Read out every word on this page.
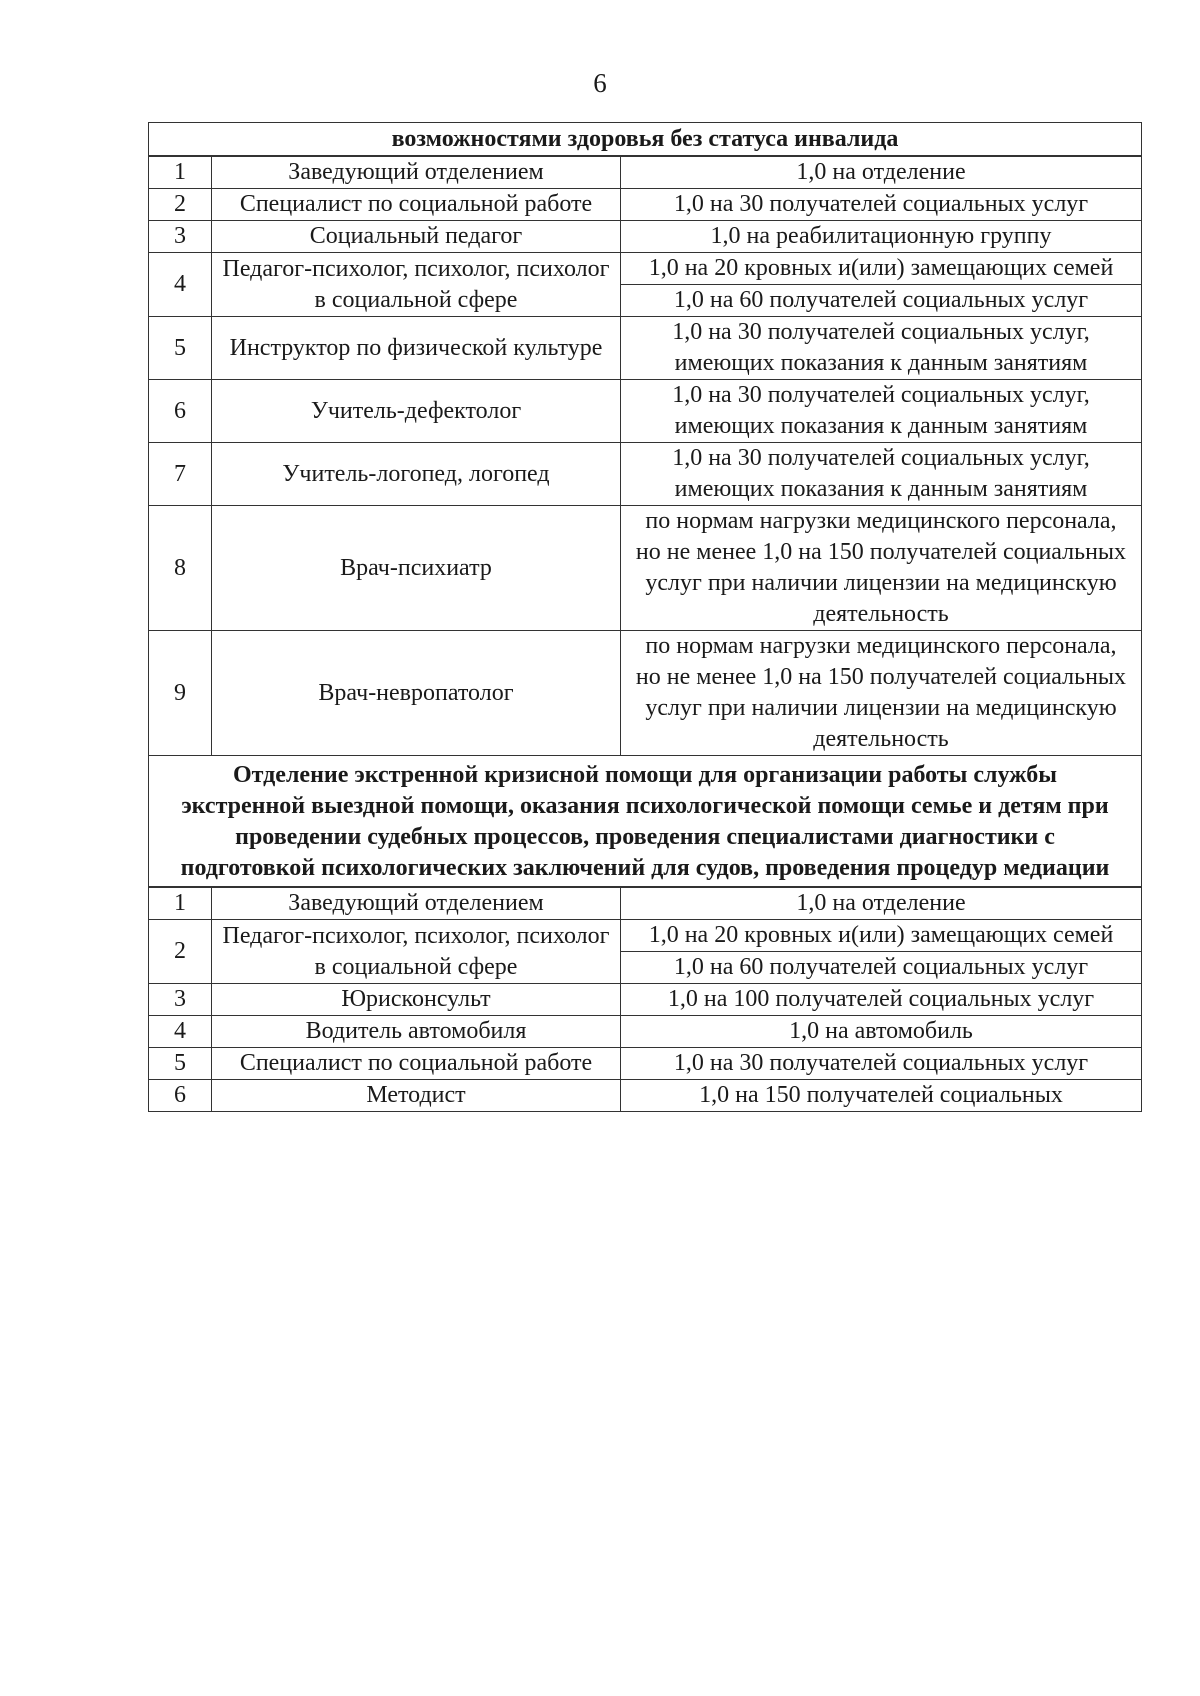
6
возможностями здоровья без статуса инвалида
1	Заведующий отделением	1,0 на отделение

2	Специалист по социальной работе	1,0 на 30 получателей социальных услуг

3	Социальный педагог	1,0 на реабилитационную группу

4	Педагог-психолог, психолог, психолог в социальной сфере	1,0 на 20 кровных и(или) замещающих семей
1,0 на 60 получателей социальных услуг

5	Инструктор по физической культуре	1,0 на 30 получателей социальных услуг, имеющих показания к данным занятиям

6	Учитель-дефектолог	1,0 на 30 получателей социальных услуг, имеющих показания к данным занятиям

7	Учитель-логопед, логопед	1,0 на 30 получателей социальных услуг, имеющих показания к данным занятиям

8	Врач-психиатр	по нормам нагрузки медицинского персонала, но не менее 1,0 на 150 получателей социальных услуг при наличии лицензии на медицинскую деятельность

9	Врач-невропатолог	по нормам нагрузки медицинского персонала, но не менее 1,0 на 150 получателей социальных услуг при наличии лицензии на медицинскую деятельность
Отделение экстренной кризисной помощи для организации работы службы экстренной выездной помощи, оказания психологической помощи семье и детям при проведении судебных процессов, проведения специалистами диагностики с подготовкой психологических заключений для судов, проведения процедур медиации
1	Заведующий отделением	1,0 на отделение

2	Педагог-психолог, психолог, психолог в социальной сфере	1,0 на 20 кровных и(или) замещающих семей
1,0 на 60 получателей социальных услуг

3	Юрисконсульт	1,0 на 100 получателей социальных услуг

4	Водитель автомобиля	1,0 на автомобиль

5	Специалист по социальной работе	1,0 на 30 получателей социальных услуг

6	Методист	1,0 на 150 получателей социальных
